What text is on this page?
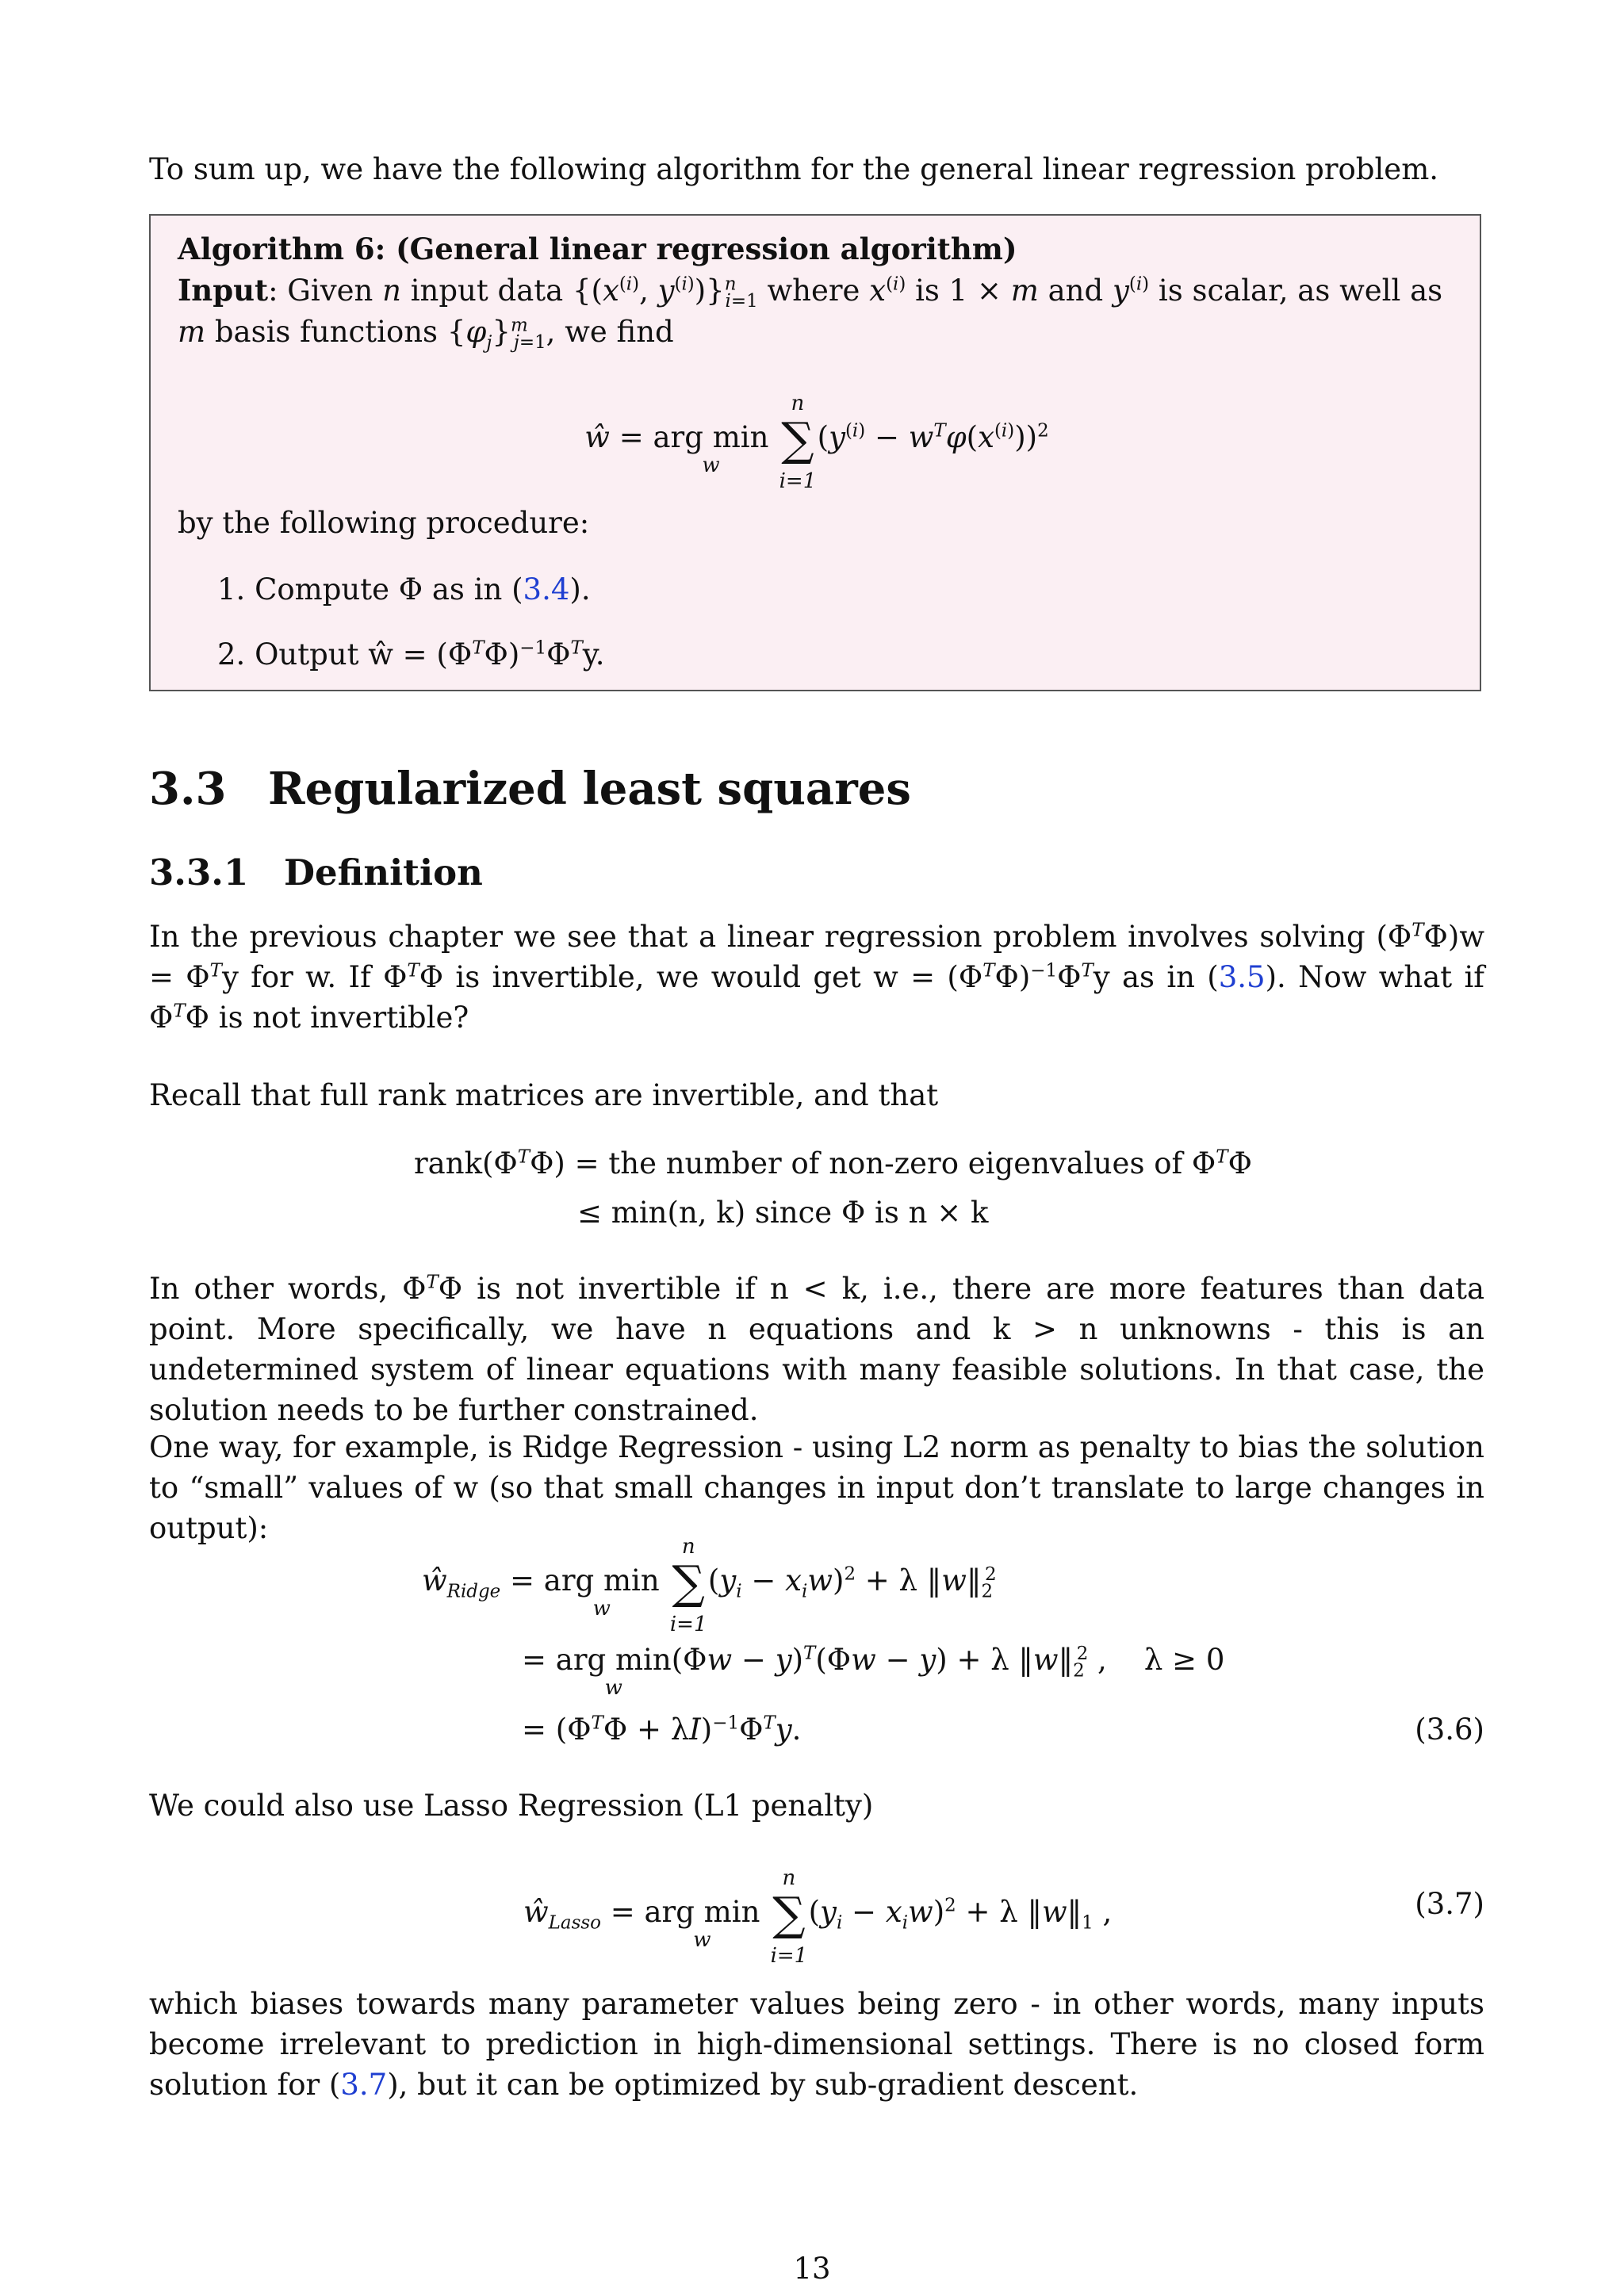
To sum up, we have the following algorithm for the general linear regression problem.

Algorithm 6: (General linear regression algorithm)
Input: Given n input data {($x^{(i)}$, $y^{(i)})\}^n_{i=1}$ where $x^{(i)}$ is 1 × m and $y^{(i)}$ is scalar, as well as
m basis functions $\{\varphi_j\}^m_{j=1}$, we find
ŵ = arg min
w ∑
n
i=1
$(y^{(i)} - w^T\varphi(x^{(i)}))^2$
by the following procedure:
1. Compute Φ as in (3.4).
2. Output ŵ = $(\Phi^T\Phi)^{-1}\Phi^Ty$.
3.3 Regularized least squares
3.3.1 Definition

In the previous chapter we see that a linear regression problem involves solving $(\Phi^T\Phi)w = \Phi^Ty$ for w. If $\Phi^T\Phi$ is invertible, we would get $w = (\Phi^T\Phi)^{-1}\Phi^Ty$ as in (3.5). Now what if $\Phi^T\Phi$ is not invertible?

Recall that full rank matrices are invertible, and that

$rank(\Phi^T\Phi)$ = the number of non-zero eigenvalues of $\Phi^T\Phi$
≤ min(n, k) since Φ is n × k

In other words, $\Phi^T\Phi$ is not invertible if n < k, i.e., there are more features than data point. More specifically, we have n equations and k > n unknowns - this is an undetermined system of linear equations with many feasible solutions. In that case, the solution needs to be further constrained.

One way, for example, is Ridge Regression - using L2 norm as penalty to bias the solution to “small” values of w (so that small changes in input don’t translate to large changes in output):

$ŵ_{Ridge}$ = arg min
w ∑
n
i=1
$(y_i - x_iw)^2 + \lambda$ $‖w‖_2^2$
= arg min
w
$(\Phi w - y)^T(\Phi w - y) + \lambda$ $‖w‖_2^2$ ,    λ ≥ 0
= $(\Phi^T\Phi + \lambda I)^{-1}\Phi^Ty$.	(3.6)

We could also use Lasso Regression (L1 penalty)

$ŵ_{Lasso}$ = arg min
w ∑
n
i=1
$(y_i - x_iw)^2 + \lambda$ $‖w‖_1$ ,	(3.7)

which biases towards many parameter values being zero - in other words, many inputs become irrelevant to prediction in high-dimensional settings. There is no closed form solution for (3.7), but it can be optimized by sub-gradient descent.

13
